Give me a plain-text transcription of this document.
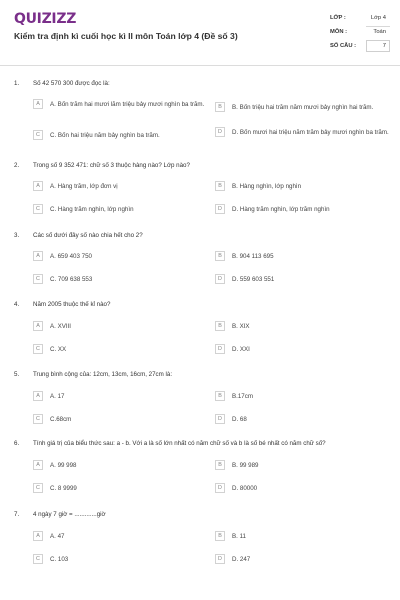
QUIZIZZ
Kiểm tra định kì cuối học kì II môn Toán lớp 4 (Đề số 3)
LỚP :	Lớp 4
MÔN :	Toán
SỐ CÂU :	7
1. Số 42 570 300 được đọc là:
A	A. Bốn trăm hai mươi lăm triệu bảy mươi nghìn ba trăm.	B	B. Bốn triệu hai trăm năm mươi bảy nghìn hai trăm.
C	C. Bốn hai triệu năm bảy nghìn ba trăm.	D	D. Bốn mươi hai triệu năm trăm bảy mươi nghìn ba trăm.
2. Trong số 9 352 471: chữ số 3 thuộc hàng nào? Lớp nào?
A	A. Hàng trăm, lớp đơn vị	B	B. Hàng nghìn, lớp nghìn
C	C. Hàng trăm nghìn, lớp nghìn	D	D. Hàng trăm nghìn, lớp trăm nghìn
3. Các số dưới đây số nào chia hết cho 2?
A	A. 659 403 750	B	B. 904 113 695
C	C. 709 638 553	D	D. 559 603 551
4. Năm 2005 thuộc thế kỉ nào?
A	A. XVIII	B	B. XIX
C	C. XX	D	D. XXI
5. Trung bình cộng của: 12cm, 13cm, 16cm, 27cm là:
A	A. 17	B	B.17cm
C	C.68cm	D	D. 68
6. Tính giá trị của biểu thức sau: a - b. Với a là số lớn nhất có năm chữ số và b là số bé nhất có năm chữ số?
A	A. 99 998	B	B. 99 989
C	C. 8 9999	D	D. 80000
7. 4 ngày 7 giờ = .............giờ
A	A. 47	B	B. 11
C	C. 103	D	D. 247
